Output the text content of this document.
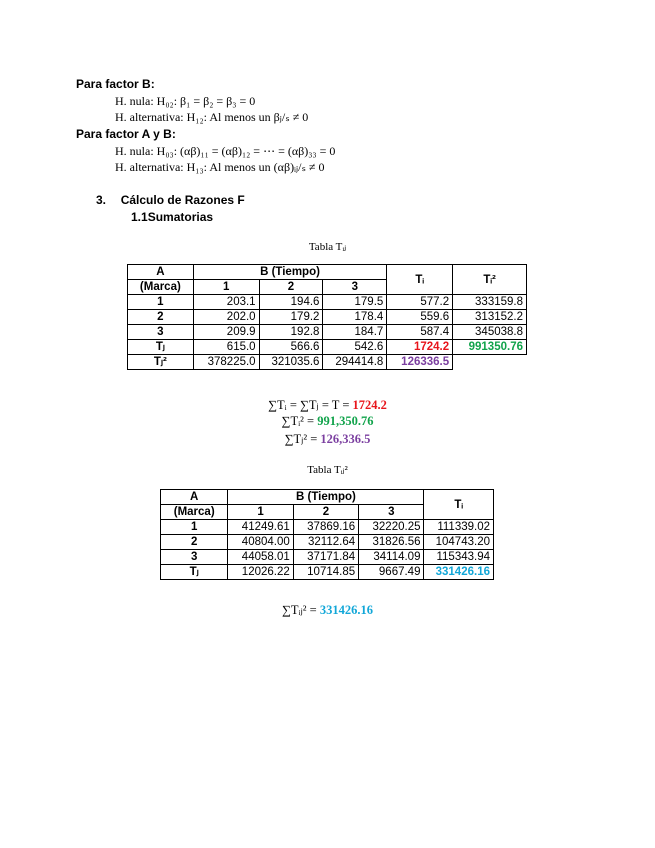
Para factor B:
H. nula: H₀₂: β₁ = β₂ = β₃ = 0
H. alternativa: H₁₂: Al menos un βⱼ/ₛ ≠ 0
Para factor A y B:
H. nula: H₀₃: (αβ)₁₁ = (αβ)₁₂ = ⋯ = (αβ)₃₃ = 0
H. alternativa: H₁₃: Al menos un (αβ)ᵢⱼ/ₛ ≠ 0
3. Cálculo de Razones F
1.1Sumatorias
Tabla Tᵢⱼ
A	B (Tiempo)			Tᵢ	Tᵢ²
(Marca)	1	2	3		
1	203.1	194.6	179.5	577.2	333159.8
2	202.0	179.2	178.4	559.6	313152.2
3	209.9	192.8	184.7	587.4	345038.8
Tⱼ	615.0	566.6	542.6	1724.2	991350.76
Tⱼ²	378225.0	321035.6	294414.8	126336.5	
∑Tᵢ = ∑Tⱼ = T = 1724.2
∑Tᵢ² = 991,350.76
∑Tⱼ² = 126,336.5
Tabla Tᵢⱼ²
A	B (Tiempo)			Tᵢ
(Marca)	1	2	3	
1	41249.61	37869.16	32220.25	111339.02
2	40804.00	32112.64	31826.56	104743.20
3	44058.01	37171.84	34114.09	115343.94
Tⱼ	12026.22	10714.85	9667.49	331426.16
∑Tᵢⱼ² = 331426.16
